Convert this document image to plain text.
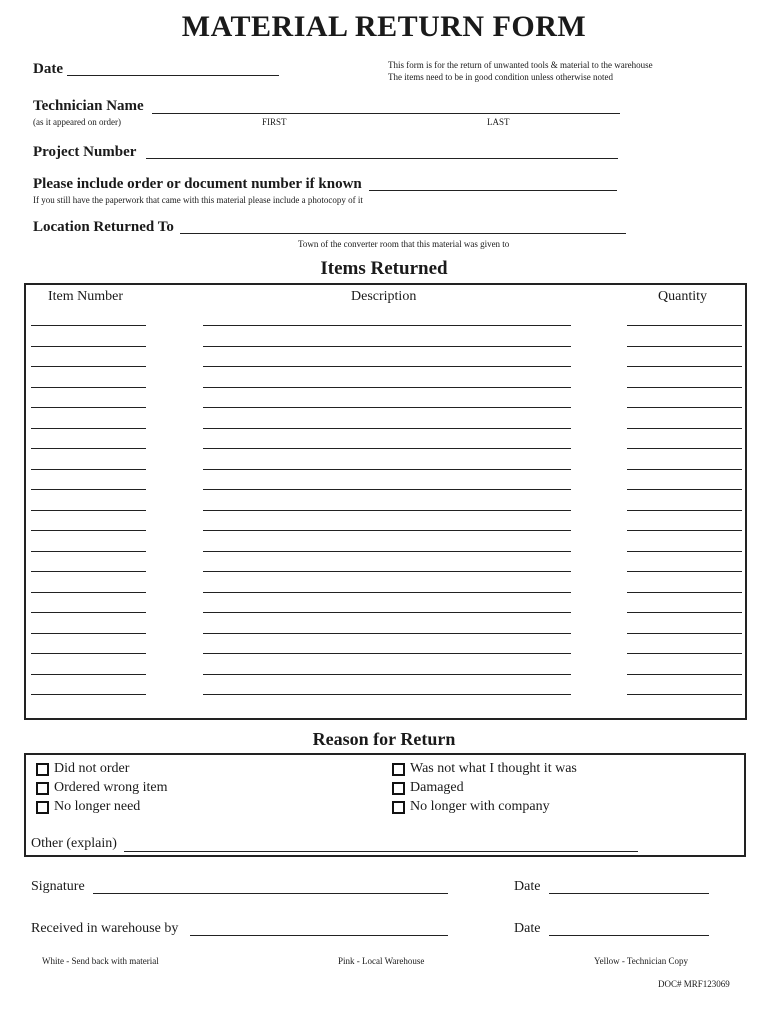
MATERIAL RETURN FORM
Date	This form is for the return of unwanted tools & material to the warehouse
The items need to be in good condition unless otherwise noted
Technician Name
(as it appeared on order)	FIRST	LAST
Project Number
Please include order or document number if known
If you still have the paperwork that came with this material please include a photocopy of it
Location Returned To
Town of the converter room that this material was given to
Items Returned
Item Number	Description	Quantity
Reason for Return
Did not order
Ordered wrong item
No longer need
Was not what I thought it was
Damaged
No longer with company
Other (explain)
Signature	Date
Received in warehouse by	Date
White - Send back with material	Pink - Local Warehouse	Yellow - Technician Copy
DOC# MRF123069
